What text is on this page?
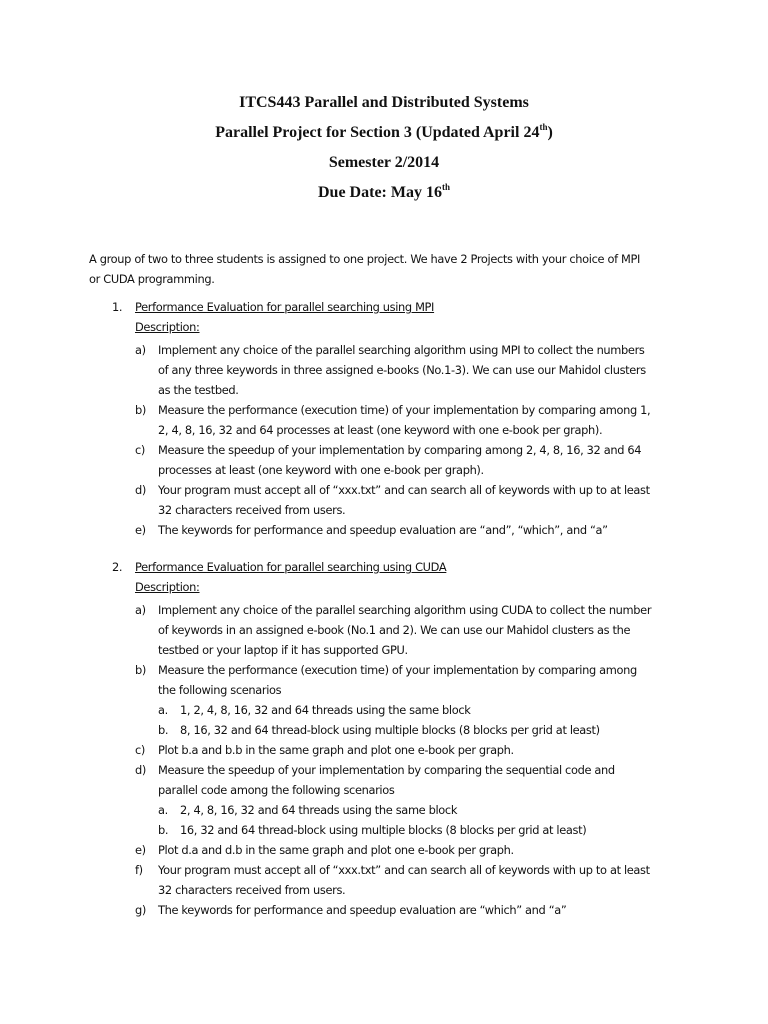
ITCS443 Parallel and Distributed Systems
Parallel Project for Section 3 (Updated April 24th)
Semester 2/2014
Due Date: May 16th
A group of two to three students is assigned to one project. We have 2 Projects with your choice of MPI
or CUDA programming.
1. Performance Evaluation for parallel searching using MPI
Description:
a) Implement any choice of the parallel searching algorithm using MPI to collect the numbers
of any three keywords in three assigned e-books (No.1-3). We can use our Mahidol clusters
as the testbed.
b) Measure the performance (execution time) of your implementation by comparing among 1,
2, 4, 8, 16, 32 and 64 processes at least (one keyword with one e-book per graph).
c) Measure the speedup of your implementation by comparing among 2, 4, 8, 16, 32 and 64
processes at least (one keyword with one e-book per graph).
d) Your program must accept all of “xxx.txt” and can search all of keywords with up to at least
32 characters received from users.
e) The keywords for performance and speedup evaluation are “and”, “which”, and “a”
2. Performance Evaluation for parallel searching using CUDA
Description:
a) Implement any choice of the parallel searching algorithm using CUDA to collect the number
of keywords in an assigned e-book (No.1 and 2). We can use our Mahidol clusters as the
testbed or your laptop if it has supported GPU.
b) Measure the performance (execution time) of your implementation by comparing among
the following scenarios
a. 1, 2, 4, 8, 16, 32 and 64 threads using the same block
b. 8, 16, 32 and 64 thread-block using multiple blocks (8 blocks per grid at least)
c) Plot b.a and b.b in the same graph and plot one e-book per graph.
d) Measure the speedup of your implementation by comparing the sequential code and
parallel code among the following scenarios
a. 2, 4, 8, 16, 32 and 64 threads using the same block
b. 16, 32 and 64 thread-block using multiple blocks (8 blocks per grid at least)
e) Plot d.a and d.b in the same graph and plot one e-book per graph.
f) Your program must accept all of “xxx.txt” and can search all of keywords with up to at least
32 characters received from users.
g) The keywords for performance and speedup evaluation are “which” and “a”
